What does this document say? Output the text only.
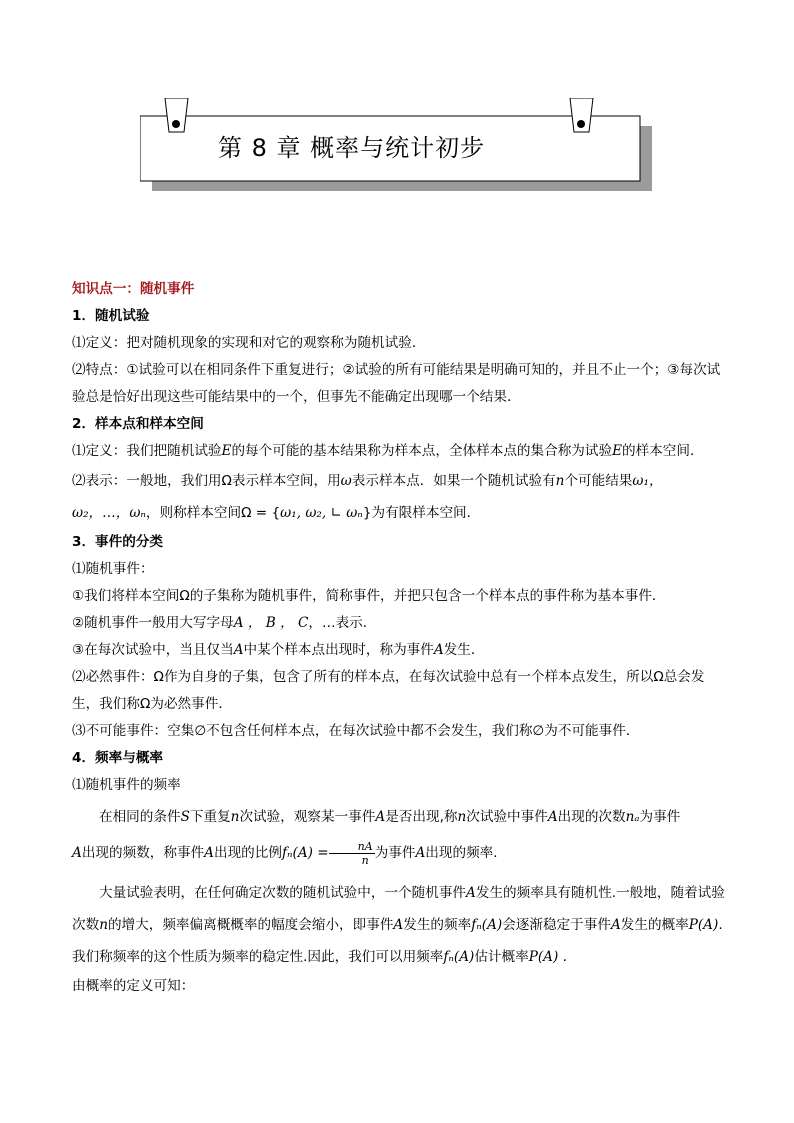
第 8 章 概率与统计初步

知识点一：随机事件

1．随机试验

⑴定义：把对随机现象的实现和对它的观察称为随机试验．

⑵特点：①试验可以在相同条件下重复进行；②试验的所有可能结果是明确可知的，并且不止一个；③每次试验总是恰好出现这些可能结果中的一个，但事先不能确定出现哪一个结果．

2．样本点和样本空间

⑴定义：我们把随机试验E的每个可能的基本结果称为样本点，全体样本点的集合称为试验E的样本空间．

⑵表示：一般地，我们用Ω表示样本空间，用ω表示样本点．如果一个随机试验有n个可能结果ω₁，
ω₂，…，ωₙ，则称样本空间Ω = {ω₁, ω₂, ∟ ωₙ}为有限样本空间．

3．事件的分类

⑴随机事件：

①我们将样本空间Ω的子集称为随机事件，简称事件，并把只包含一个样本点的事件称为基本事件．

②随机事件一般用大写字母A ， B ， C，…表示．

③在每次试验中，当且仅当A中某个样本点出现时，称为事件A发生．

⑵必然事件：Ω作为自身的子集，包含了所有的样本点，在每次试验中总有一个样本点发生，所以Ω总会发生，我们称Ω为必然事件．

⑶不可能事件：空集∅不包含任何样本点，在每次试验中都不会发生，我们称∅为不可能事件．

4．频率与概率

⑴随机事件的频率

在相同的条件S下重复n次试验，观察某一事件A是否出现,称n次试验中事件A出现的次数nₐ为事件
A出现的频数，称事件A出现的比例$f_n(A) = \frac{nA}{n}$ 为事件A出现的频率.

大量试验表明，在任何确定次数的随机试验中，一个随机事件A发生的频率具有随机性.一般地，随着试验次数n的增大，频率偏离概概率的幅度会缩小，即事件A发生的频率fₙ(A)会逐渐稳定于事件A发生的概率P(A).我们称频率的这个性质为频率的稳定性.因此，我们可以用频率fₙ(A)估计概率P(A) .

由概率的定义可知：
